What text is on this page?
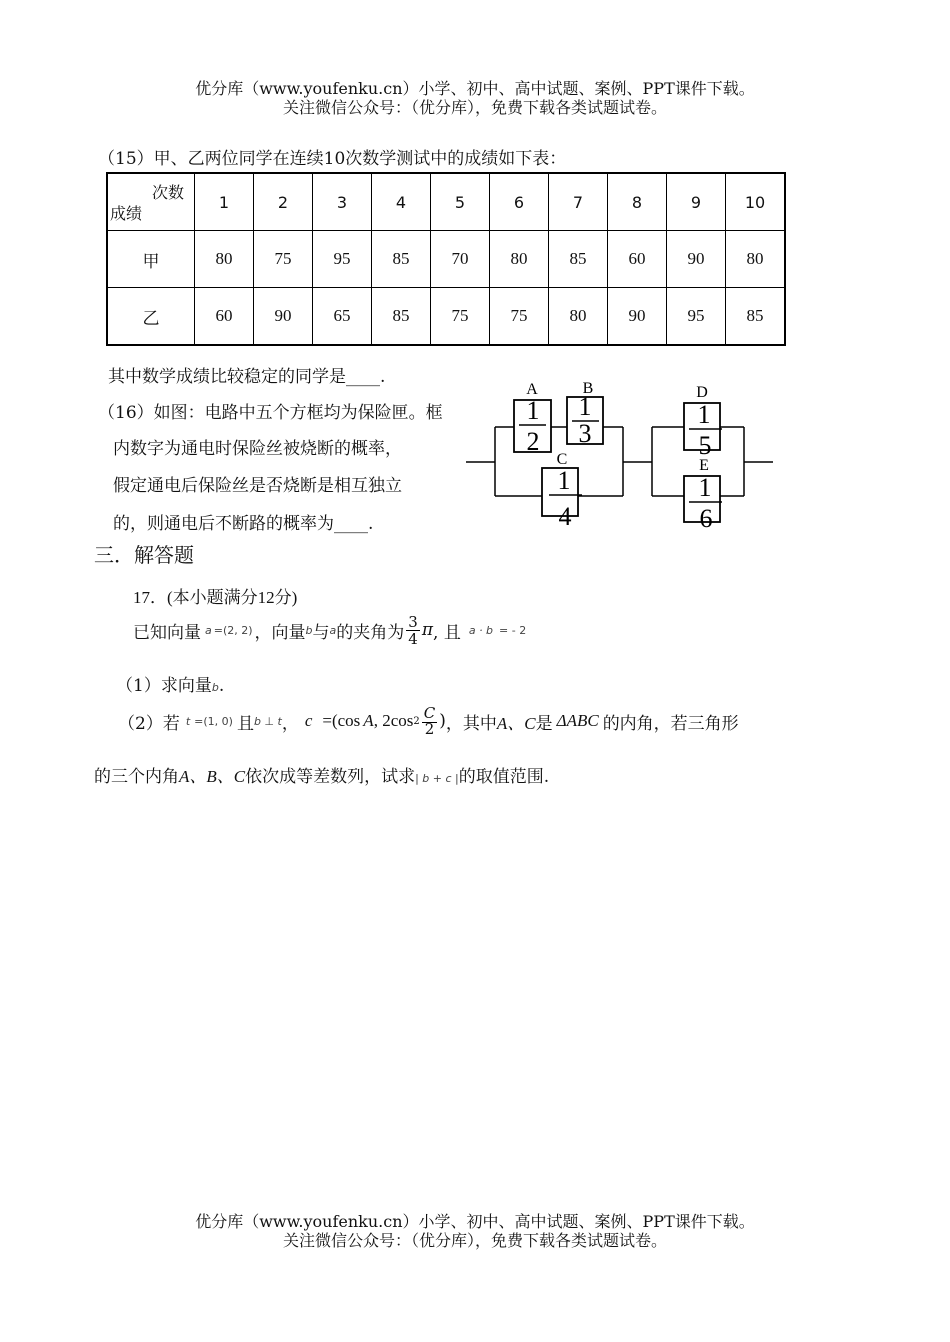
优分库（www.youfenku.cn）小学、初中、高中试题、案例、PPT课件下载。
关注微信公众号：（优分库），免费下载各类试题试卷。
（15）甲、乙两位同学在连续10次数学测试中的成绩如下表：
次数
成绩	1	2	3	4	5	6	7	8	9	10
甲	80	75	95	85	70	80	85	60	90	80
乙	60	90	65	85	75	75	80	90	95	85
其中数学成绩比较稳定的同学是____.
（16）如图：电路中五个方框均为保险匣。框
内数字为通电时保险丝被烧断的概率，
假定通电后保险丝是否烧断是相互独立
的，则通电后不断路的概率为____.
A
1
2
B
1
3
C
1
4
D
1
5
E
1
6
三．解答题
17．(本小题满分12分)
已知向量 a =(2, 2) ，向量 b 与 a 的夹角为 $\frac{3}{4}$ π , 且 a · b = - 2
（1）求向量b.
（2）若 t =(1, 0) 且 b ⊥ t ， c =(cos A , 2cos $2 \frac{C}{2}$ ) ，其中 A、C 是 ΔABC 的内角，若三角形
的三个内角A、B、C依次成等差数列，试求| b + c |的取值范围.
优分库（www.youfenku.cn）小学、初中、高中试题、案例、PPT课件下载。
关注微信公众号：（优分库），免费下载各类试题试卷。
